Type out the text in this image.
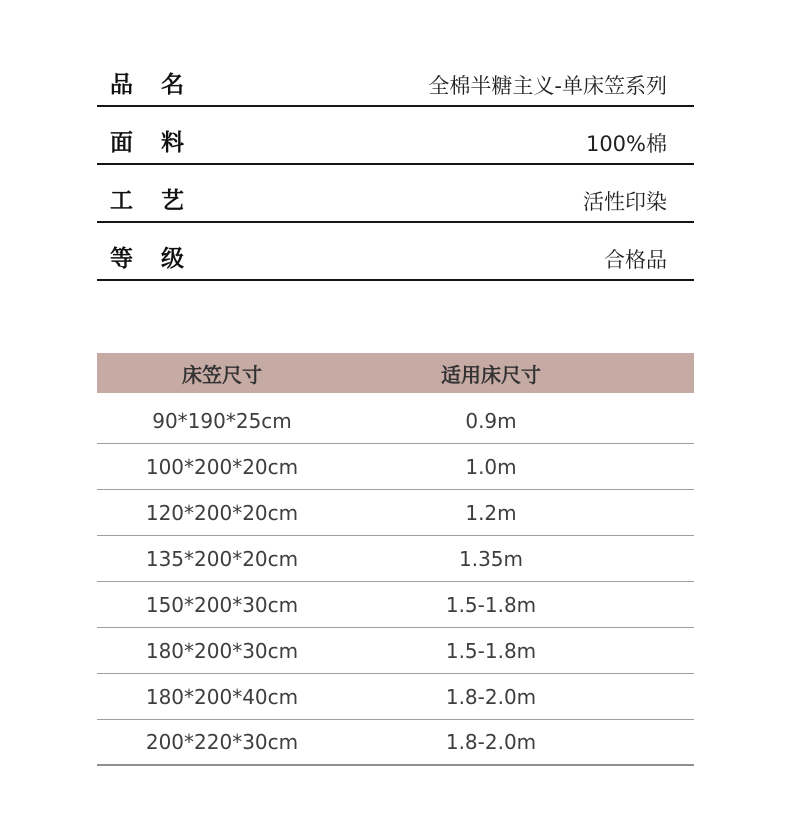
品名	全棉半糖主义-单床笠系列
面料	100%棉
工艺	活性印染
等级	合格品
床笠尺寸	适用床尺寸
90*190*25cm	0.9m
100*200*20cm	1.0m
120*200*20cm	1.2m
135*200*20cm	1.35m
150*200*30cm	1.5-1.8m
180*200*30cm	1.5-1.8m
180*200*40cm	1.8-2.0m
200*220*30cm	1.8-2.0m
